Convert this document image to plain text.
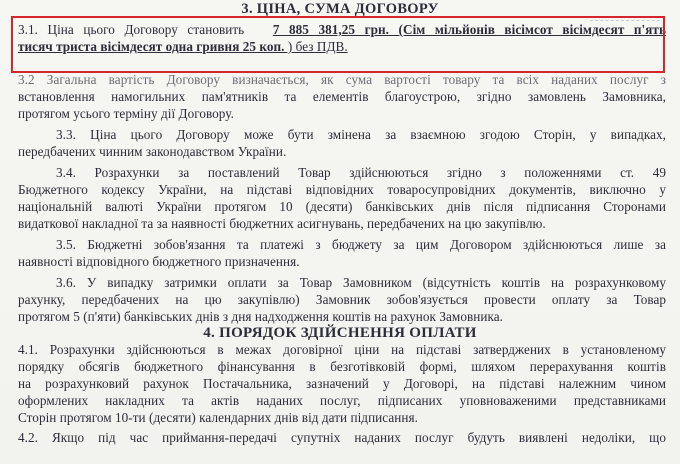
3. ЦІНА, СУМА ДОГОВОРУ
3.1. Ціна цього Договору становить 7 885 381,25 грн. (Сім мільйонів вісімсот вісімдесят п'ять
тисяч триста вісімдесят одна гривня 25 коп. ) без ПДВ.
3.2 Загальна вартість Договору визначається, як сума вартості товару та всіх наданих послуг з
встановлення намогильних пам'ятників та елементів благоустрою, згідно замовлень Замовника,
протягом усього терміну дії Договору.
3.3. Ціна цього Договору може бути змінена за взаємною згодою Сторін, у випадках,
передбачених чинним законодавством України.
3.4. Розрахунки за поставлений Товар здійснюються згідно з положеннями ст. 49
Бюджетного кодексу України, на підставі відповідних товаросупровідних документів, виключно у
національній валюті України протягом 10 (десяти) банківських днів після підписання Сторонами
видаткової накладної та за наявності бюджетних асигнувань, передбачених на цю закупівлю.
3.5. Бюджетні зобов'язання та платежі з бюджету за цим Договором здійснюються лише за
наявності відповідного бюджетного призначення.
3.6. У випадку затримки оплати за Товар Замовником (відсутність коштів на розрахунковому
рахунку, передбачених на цю закупівлю) Замовник зобов'язується провести оплату за Товар
протягом 5 (п'яти) банківських днів з дня надходження коштів на рахунок Замовника.
4. ПОРЯДОК ЗДІЙСНЕННЯ ОПЛАТИ
4.1. Розрахунки здійснюються в межах договірної ціни на підставі затверджених в установленому
порядку обсягів бюджетного фінансування в безготівковій формі, шляхом перерахування коштів
на розрахунковий рахунок Постачальника, зазначений у Договорі, на підставі належним чином
оформлених накладних та актів наданих послуг, підписаних уповноваженими представниками
Сторін протягом 10-ти (десяти) календарних днів від дати підписання.
4.2. Якщо під час приймання-передачі супутніх наданих послуг будуть виявлені недоліки, що
